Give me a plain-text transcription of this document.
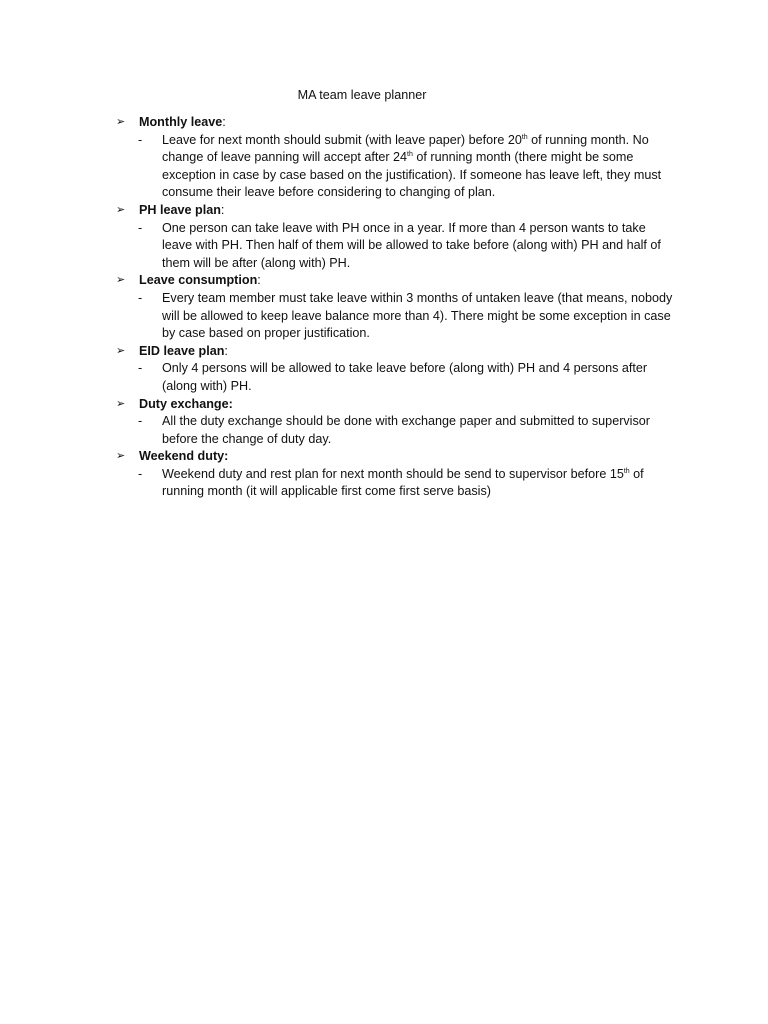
MA team leave planner
➢	Monthly leave:
- Leave for next month should submit (with leave paper) before 20th of running month. No change of leave panning will accept after 24th of running month (there might be some exception in case by case based on the justification). If someone has leave left, they must consume their leave before considering to changing of plan.
➢	PH leave plan:
- One person can take leave with PH once in a year. If more than 4 person wants to take leave with PH. Then half of them will be allowed to take before (along with) PH and half of them will be after (along with) PH.
➢	Leave consumption:
- Every team member must take leave within 3 months of untaken leave (that means, nobody will be allowed to keep leave balance more than 4). There might be some exception in case by case based on proper justification.
➢	EID leave plan:
- Only 4 persons will be allowed to take leave before (along with) PH and 4 persons after (along with) PH.
➢	Duty exchange:
- All the duty exchange should be done with exchange paper and submitted to supervisor before the change of duty day.
➢	Weekend duty:
- Weekend duty and rest plan for next month should be send to supervisor before 15th of running month (it will applicable first come first serve basis)
